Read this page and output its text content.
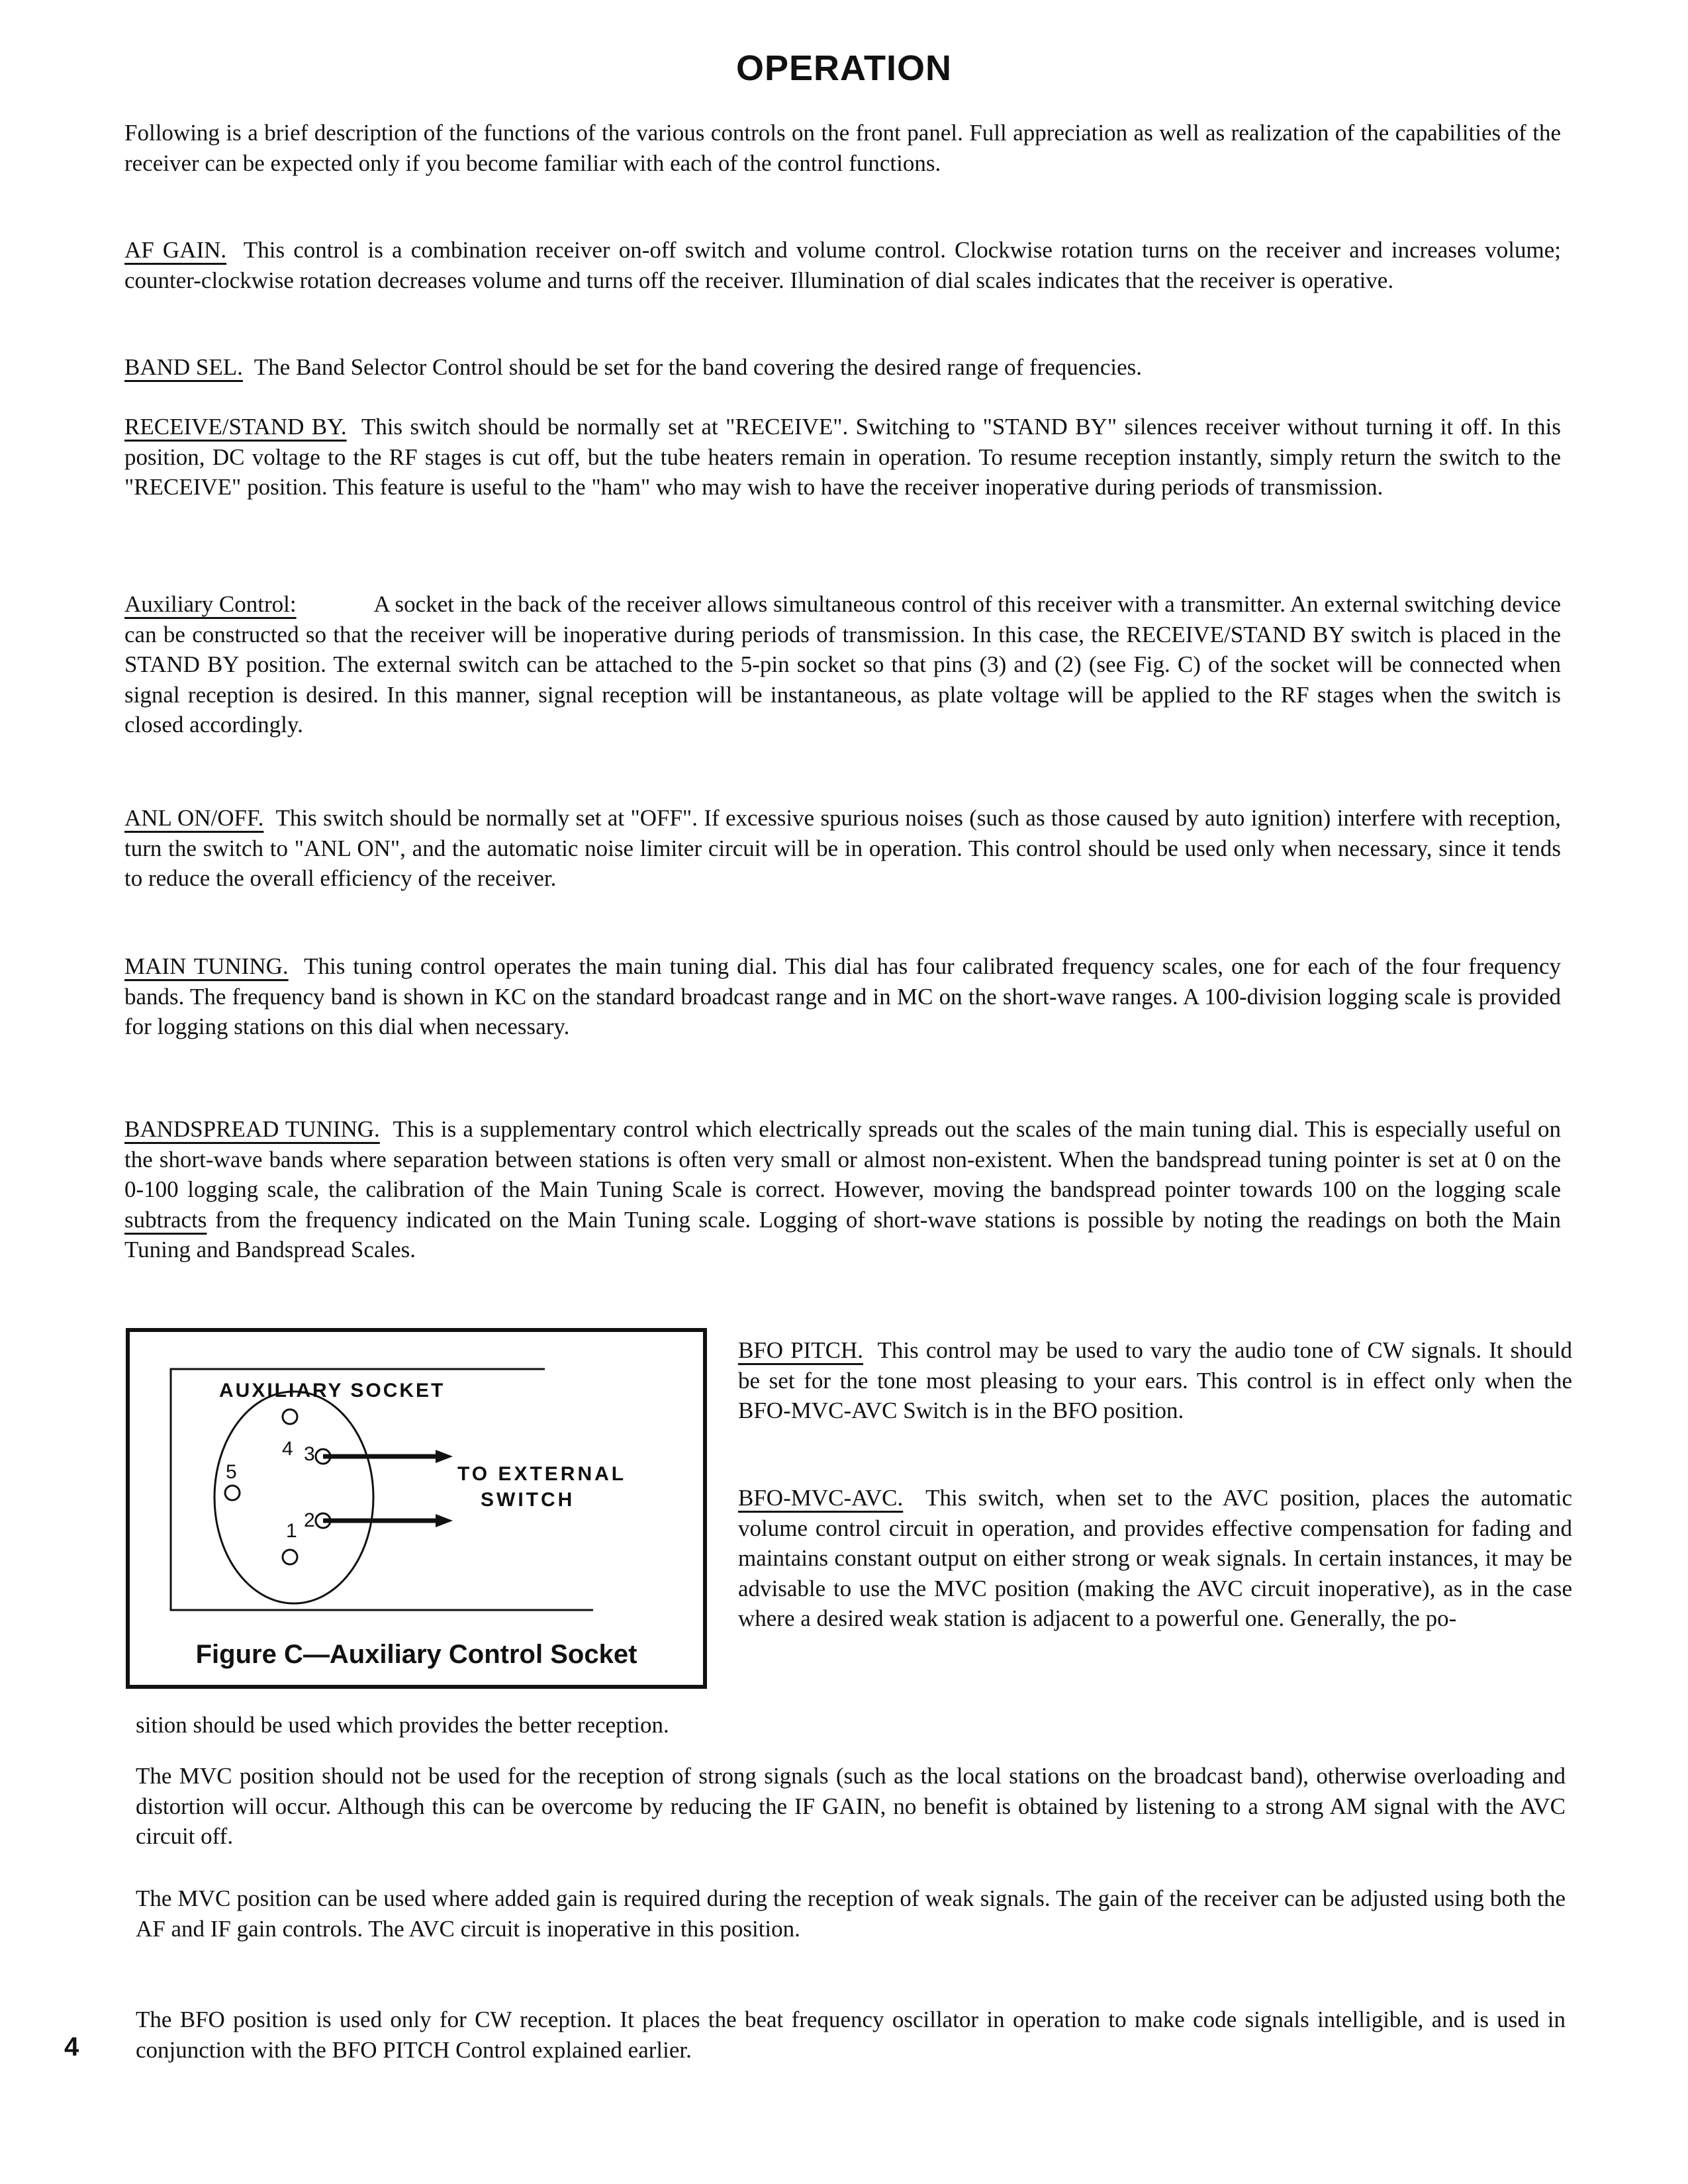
OPERATION

Following is a brief description of the functions of the various controls on the front panel. Full appreciation as well as realization of the capabilities of the receiver can be expected only if you become familiar with each of the control functions.

AF GAIN. This control is a combination receiver on-off switch and volume control. Clockwise rotation turns on the receiver and increases volume; counter-clockwise rotation decreases volume and turns off the receiver. Illumination of dial scales indicates that the receiver is operative.

BAND SEL. The Band Selector Control should be set for the band covering the desired range of frequencies.

RECEIVE/STAND BY. This switch should be normally set at "RECEIVE". Switching to "STAND BY" silences receiver without turning it off. In this position, DC voltage to the RF stages is cut off, but the tube heaters remain in operation. To resume reception instantly, simply return the switch to the "RECEIVE" position. This feature is useful to the "ham" who may wish to have the receiver inoperative during periods of transmission.

Auxiliary Control:	A socket in the back of the receiver allows simultaneous control of this receiver with a transmitter. An external switching device can be constructed so that the receiver will be inoperative during periods of transmission. In this case, the RECEIVE/STAND BY switch is placed in the STAND BY position. The external switch can be attached to the 5-pin socket so that pins (3) and (2) (see Fig. C) of the socket will be connected when signal reception is desired. In this manner, signal reception will be instantaneous, as plate voltage will be applied to the RF stages when the switch is closed accordingly.

ANL ON/OFF. This switch should be normally set at "OFF". If excessive spurious noises (such as those caused by auto ignition) interfere with reception, turn the switch to "ANL ON", and the automatic noise limiter circuit will be in operation. This control should be used only when necessary, since it tends to reduce the overall efficiency of the receiver.

MAIN TUNING. This tuning control operates the main tuning dial. This dial has four calibrated frequency scales, one for each of the four frequency bands. The frequency band is shown in KC on the standard broadcast range and in MC on the short-wave ranges. A 100-division logging scale is provided for logging stations on this dial when necessary.

BANDSPREAD TUNING. This is a supplementary control which electrically spreads out the scales of the main tuning dial. This is especially useful on the short-wave bands where separation between stations is often very small or almost non-existent. When the bandspread tuning pointer is set at 0 on the 0-100 logging scale, the calibration of the Main Tuning Scale is correct. However, moving the bandspread pointer towards 100 on the logging scale subtracts from the frequency indicated on the Main Tuning scale. Logging of short-wave stations is possible by noting the readings on both the Main Tuning and Bandspread Scales.

AUXILIARY SOCKET
4 3
5
2
1
TO EXTERNAL
SWITCH
Figure C—Auxiliary Control Socket

BFO PITCH. This control may be used to vary the audio tone of CW signals. It should be set for the tone most pleasing to your ears. This control is in effect only when the BFO-MVC-AVC Switch is in the BFO position.

BFO-MVC-AVC. This switch, when set to the AVC position, places the automatic volume control circuit in operation, and provides effective compensation for fading and maintains constant output on either strong or weak signals. In certain instances, it may be advisable to use the MVC position (making the AVC circuit inoperative), as in the case where a desired weak station is adjacent to a powerful one. Generally, the po-

sition should be used which provides the better reception.

The MVC position should not be used for the reception of strong signals (such as the local stations on the broadcast band), otherwise overloading and distortion will occur. Although this can be overcome by reducing the IF GAIN, no benefit is obtained by listening to a strong AM signal with the AVC circuit off.

The MVC position can be used where added gain is required during the reception of weak signals. The gain of the receiver can be adjusted using both the AF and IF gain controls. The AVC circuit is inoperative in this position.

The BFO position is used only for CW reception. It places the beat frequency oscillator in operation to make code signals intelligible, and is used in conjunction with the BFO PITCH Control explained earlier.

4
